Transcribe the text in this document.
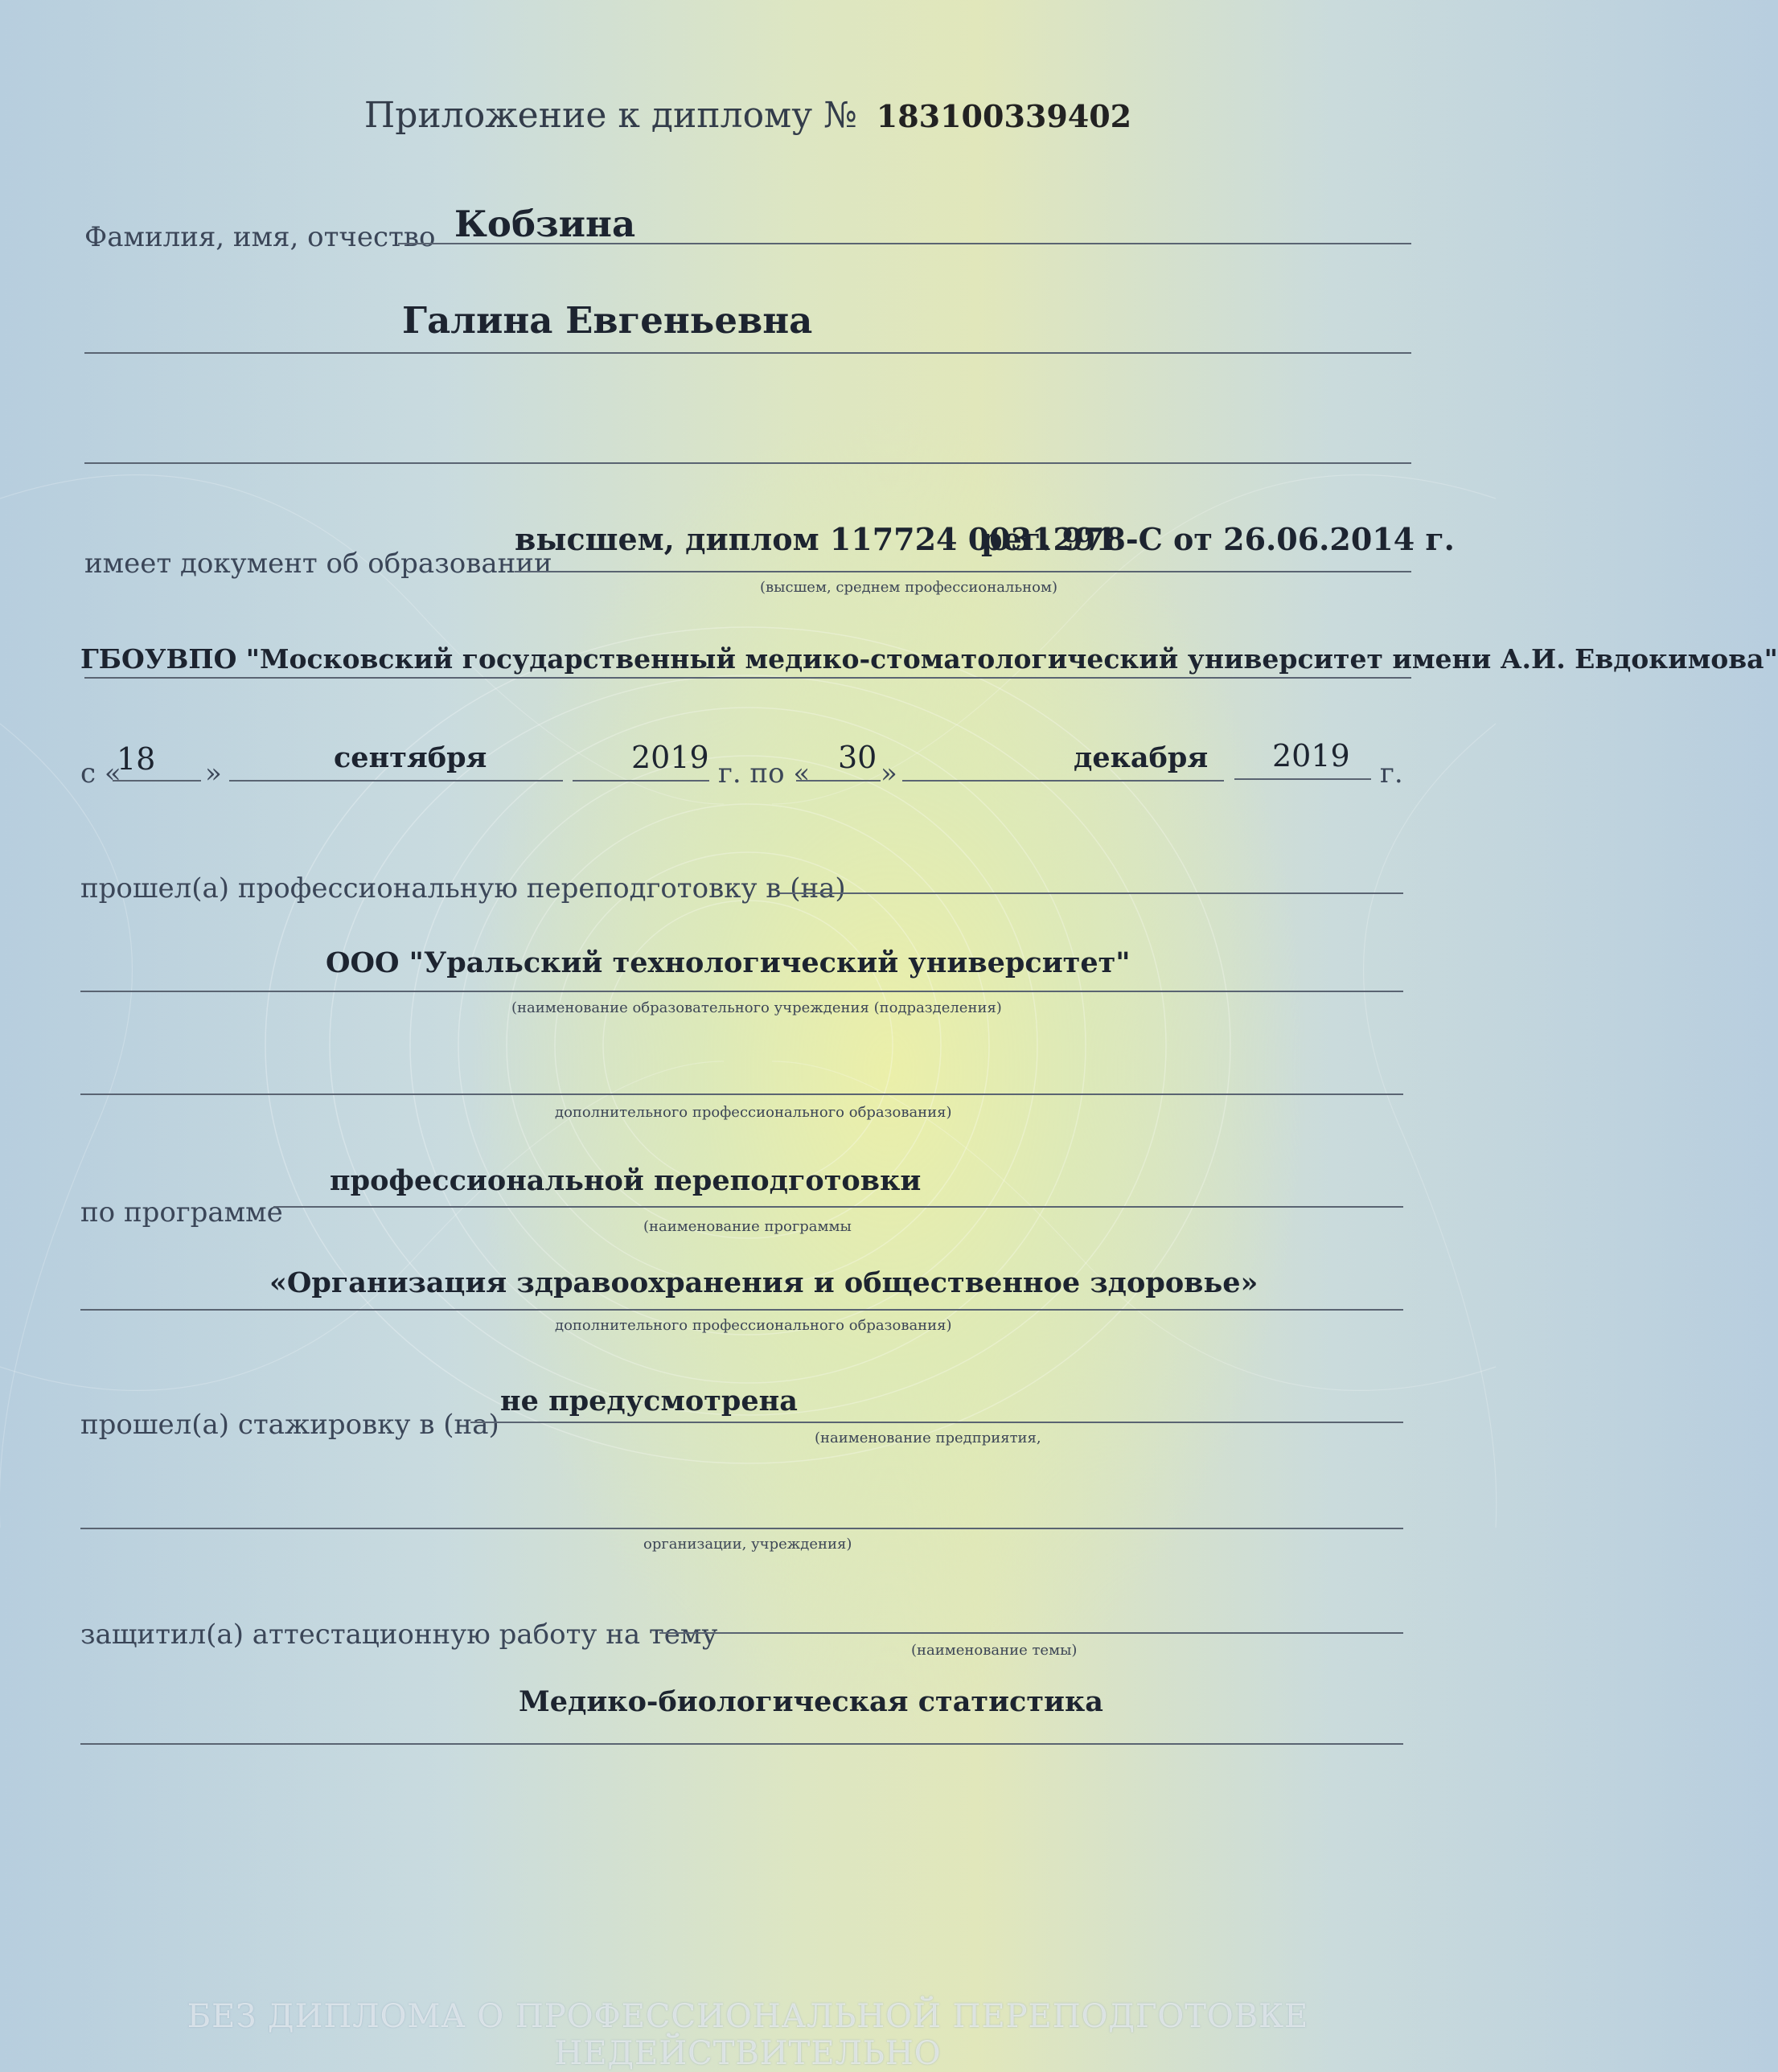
Приложение к диплому № 183100339402
Фамилия, имя, отчество Кобзина
Галина Евгеньевна
имеет документ об образовании
высшем, диплом 117724 0031291
рег. 978-С от 26.06.2014 г.
(высшем, среднем профессиональном)
ГБОУВПО "Московский государственный медико-стоматологический университет имени А.И. Евдокимова"
с «
18 »	сентября	2019 г. по « 30 »	декабря 2019 г.
прошел(а) профессиональную переподготовку в (на)
ООО "Уральский технологический университет"
(наименование образовательного учреждения (подразделения)
дополнительного профессионального образования)
профессиональной переподготовки
по программе	(наименование программы
«Организация здравоохранения и общественное здоровье»
дополнительного профессионального образования)
не предусмотрена
прошел(а) стажировку в (на)	(наименование предприятия,
организации, учреждения)
защитил(а) аттестационную работу на тему	(наименование темы)
Медико-биологическая статистика
БЕЗ ДИПЛОМА О ПРОФЕССИОНАЛЬНОЙ ПЕРЕПОДГОТОВКЕ НЕДЕЙСТВИТЕЛЬНО
